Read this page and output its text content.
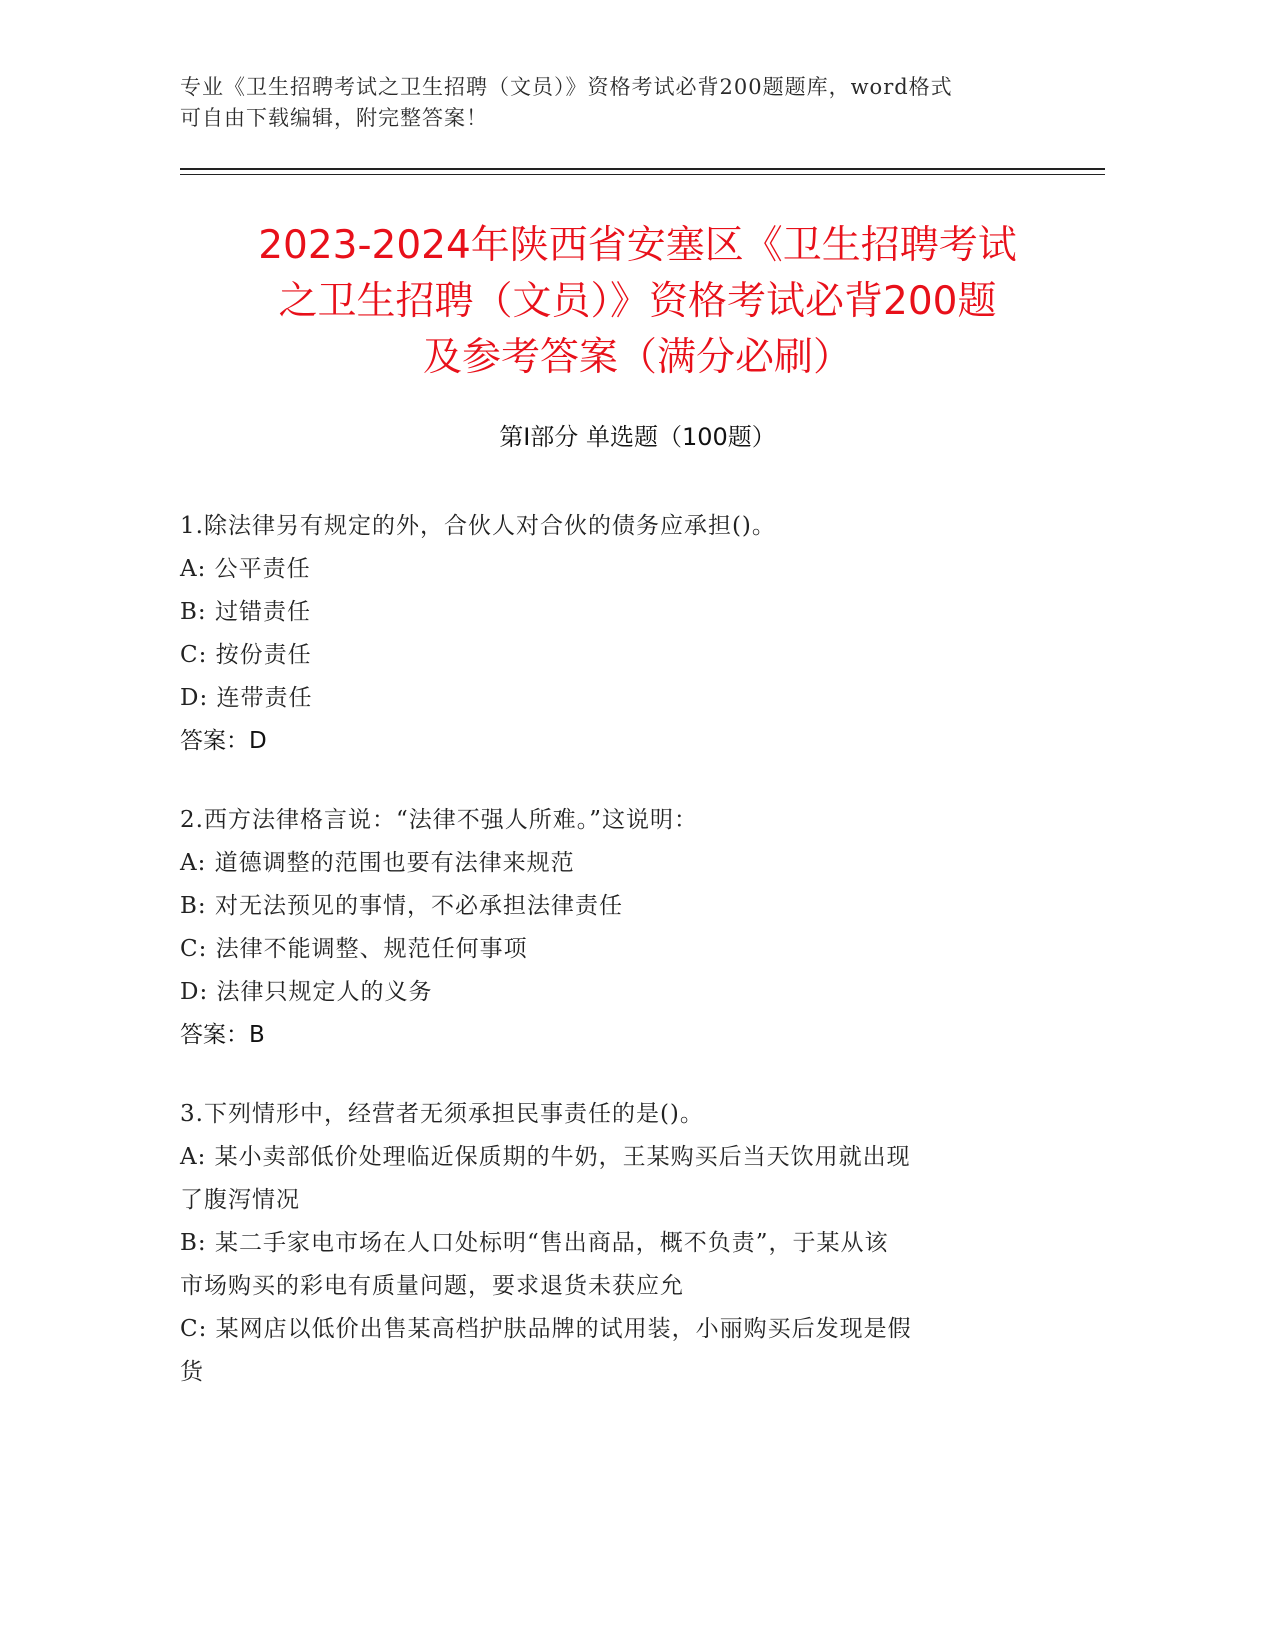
专业《卫生招聘考试之卫生招聘（文员）》资格考试必背200题题库，word格式
可自由下载编辑，附完整答案！
2023-2024年陕西省安塞区《卫生招聘考试
之卫生招聘（文员）》资格考试必背200题
及参考答案（满分必刷）
第Ⅰ部分 单选题（100题）
1.除法律另有规定的外，合伙人对合伙的债务应承担()。
A: 公平责任
B: 过错责任
C: 按份责任
D: 连带责任
答案：D
2.西方法律格言说：“法律不强人所难。”这说明：
A: 道德调整的范围也要有法律来规范
B: 对无法预见的事情，不必承担法律责任
C: 法律不能调整、规范任何事项
D: 法律只规定人的义务
答案：B
3.下列情形中，经营者无须承担民事责任的是()。
A: 某小卖部低价处理临近保质期的牛奶，王某购买后当天饮用就出现
了腹泻情况
B: 某二手家电市场在人口处标明“售出商品，概不负责”，于某从该
市场购买的彩电有质量问题，要求退货未获应允
C: 某网店以低价出售某高档护肤品牌的试用装，小丽购买后发现是假
货
